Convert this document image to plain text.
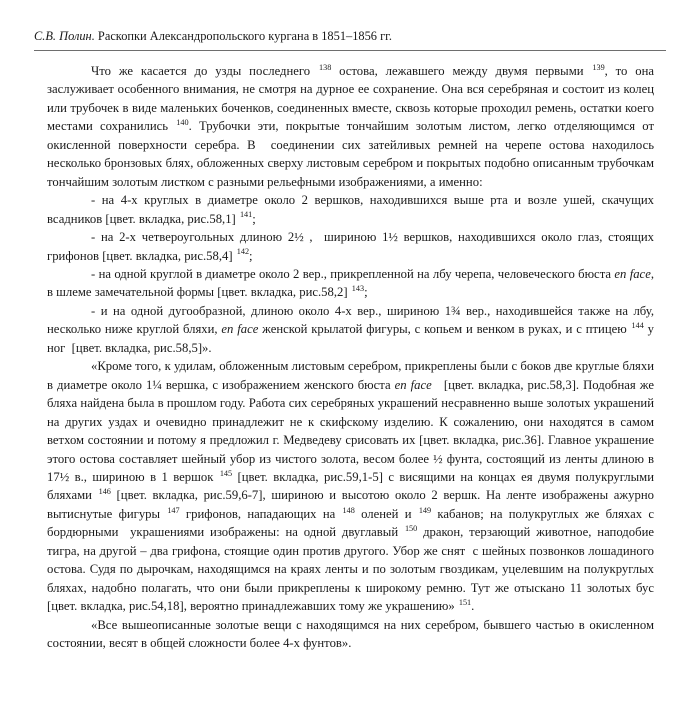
С.В. Полин. Раскопки Александропольского кургана в 1851–1856 гг.

Что же касается до узды последнего $^{138}$ остова, лежавшего между двумя первыми $^{139}$, то она заслуживает особенного внимания, не смотря на дурное ее сохранение. Она вся серебряная и состоит из колец или трубочек в виде маленьких боченков, соединенных вместе, сквозь которые проходил ремень, остатки коего местами сохранились $^{140}$. Трубочки эти, покрытые тончайшим золотым листом, легко отделяющимся от окисленной поверхности серебра. В  соединении сих затейливых ремней на черепе остова находилось несколько бронзовых блях, обложенных сверху листовым серебром и покрытых подобно описанным трубочкам тончайшим золотым листком с разными рельефными изображениями, а именно:

- на 4-х круглых в диаметре около 2 вершков, находившихся выше рта и возле ушей, скачущих всадников [цвет. вкладка, рис.58,1] $^{141}$;

- на 2-х четвероугольных длиною 2½ ,  шириною 1½ вершков, находившихся около глаз, стоящих грифонов [цвет. вкладка, рис.58,4] $^{142}$;

- на одной круглой в диаметре около 2 вер., прикрепленной на лбу черепа, человеческого бюста en face, в шлеме замечательной формы [цвет. вкладка, рис.58,2] $^{143}$;

- и на одной дугообразной, длиною около 4-х вер., шириною 1¾ вер., находившейся также на лбу, несколько ниже круглой бляхи, en face женской крылатой фигуры, с копьем и венком в руках, и с птицею $^{144}$ у ног  [цвет. вкладка, рис.58,5]».

«Кроме того, к удилам, обложенным листовым серебром, прикреплены были с боков две круглые бляхи в диаметре около 1¼ вершка, с изображением женского бюста en face   [цвет. вкладка, рис.58,3]. Подобная же бляха найдена была в прошлом году. Работа сих серебряных украшений несравненно выше золотых украшений на других уздах и очевидно принадлежит не к скифскому изделию. К сожалению, они находятся в самом ветхом состоянии и потому я предложил г. Медведеву срисовать их [цвет. вкладка, рис.36]. Главное украшение этого остова составляет шейный убор из чистого золота, весом более ½ фунта, состоящий из ленты длиною в 17½ в., шириною в 1 вершок $^{145}$ [цвет. вкладка, рис.59,1-5] с висящими на концах ея двумя полукруглыми бляхами $^{146}$ [цвет. вкладка, рис.59,6-7], шириною и высотою около 2 вершк. На ленте изображены ажурно вытиснутые фигуры $^{147}$ грифонов, нападающих на $^{148}$ оленей и $^{149}$ кабанов; на полукруглых же бляхах с бордюрными  украшениями изображены: на одной двуглавый $^{150}$ дракон, терзающий животное, наподобие тигра, на другой – два грифона, стоящие один против другого. Убор же снят  с шейных позвонков лошадиного остова. Судя по дырочкам, находящимся на краях ленты и по золотым гвоздикам, уцелевшим на полукруглых бляхах, надобно полагать, что они были прикреплены к широкому ремню. Тут же отыскано 11 золотых бус [цвет. вкладка, рис.54,18], вероятно принадлежавших тому же украшению» $^{151}$.

«Все вышеописанные золотые вещи с находящимся на них серебром, бывшего частью в окисленном состоянии, весят в общей сложности более 4-х фунтов».
